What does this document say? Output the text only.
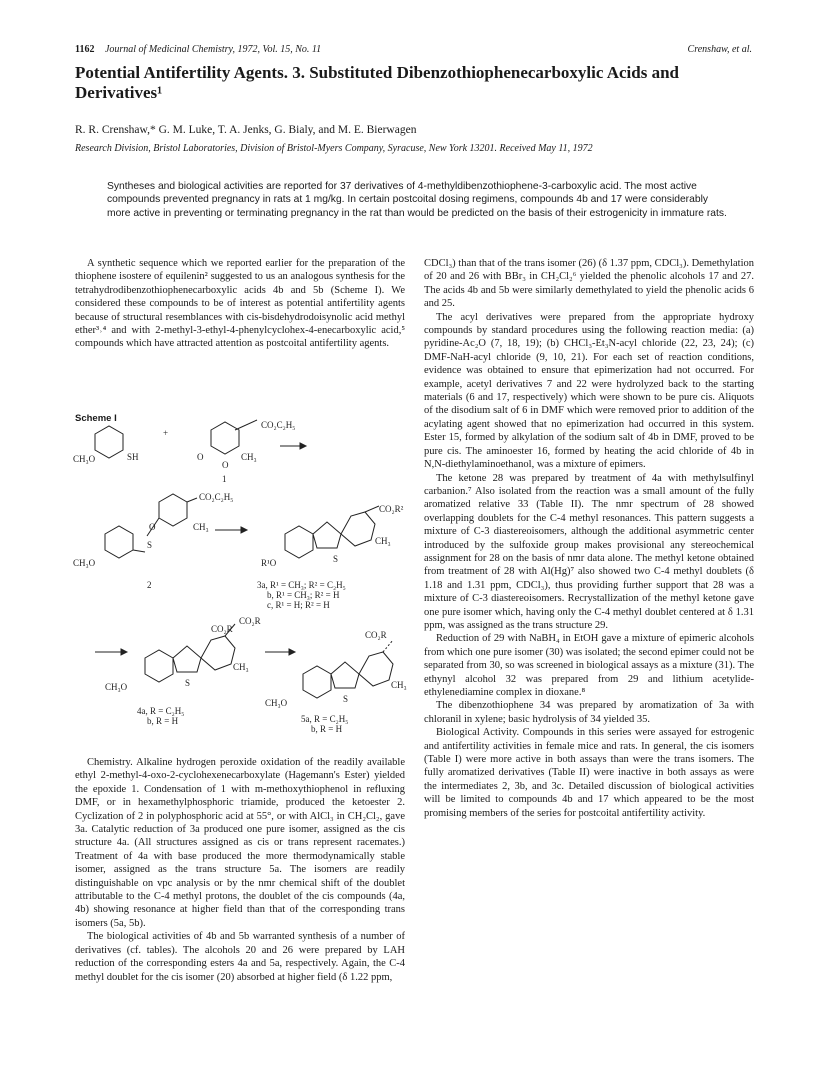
1162 Journal of Medicinal Chemistry, 1972, Vol. 15, No. 11	Crenshaw, et al.
Potential Antifertility Agents. 3. Substituted Dibenzothiophenecarboxylic Acids and Derivatives¹
R. R. Crenshaw,* G. M. Luke, T. A. Jenks, G. Bialy, and M. E. Bierwagen
Research Division, Bristol Laboratories, Division of Bristol-Myers Company, Syracuse, New York 13201. Received May 11, 1972
Syntheses and biological activities are reported for 37 derivatives of 4-methyldibenzothiophene-3-carboxylic acid. The most active compounds prevented pregnancy in rats at 1 mg/kg. In certain postcoital dosing regimens, compounds 4b and 17 were considerably more active in preventing or terminating pregnancy in the rat than would be predicted on the basis of their estrogenicity in immature rats.

A synthetic sequence which we reported earlier for the preparation of the thiophene isostere of equilenin² suggested to us an analogous synthesis for the tetrahydrodibenzothiophenecarboxylic acids 4b and 5b (Scheme I). We considered these compounds to be of interest as potential antifertility agents because of structural resemblances with cis-bisdehydrodoisynolic acid methyl ether³˒⁴ and with 2-methyl-3-ethyl-4-phenylcyclohex-4-enecarboxylic acid,⁵ compounds which have attracted attention as postcoital antifertility agents.

Scheme I
CO₂C₂H₅
+
CH₃O	SH	O	CH₃
O
1
CO₂C₂H₅
O	CH₃
S
CH₃O
2
CO₂R²
CH₃
S
R¹O
3a, R¹ = CH₃; R² = C₂H₅
b, R¹ = CH₃; R² = H
c, R¹ = H; R² = H
CO₂R
CO₂R
CH₃
S
CH₃O
4a, R = C₂H₅
b, R = H
CO₂R
CH₃
S
CH₃O
5a, R = C₂H₅
b, R = H

Chemistry. Alkaline hydrogen peroxide oxidation of the readily available ethyl 2-methyl-4-oxo-2-cyclohexenecarboxylate (Hagemann's Ester) yielded the epoxide 1. Condensation of 1 with m-methoxythiophenol in refluxing DMF, or in hexamethylphosphoric triamide, produced the ketoester 2. Cyclization of 2 in polyphosphoric acid at 55°, or with AlCl₃ in CH₂Cl₂, gave 3a. Catalytic reduction of 3a produced one pure isomer, assigned as the cis structure 4a. (All structures assigned as cis or trans represent racemates.) Treatment of 4a with base produced the more thermodynamically stable isomer, assigned as the trans structure 5a. The isomers are readily distinguishable on vpc analysis or by the nmr chemical shift of the doublet attributable to the C-4 methyl protons, the doublet of the cis compounds (4a, 4b) showing resonance at higher field than that of the corresponding trans isomers (5a, 5b).

The biological activities of 4b and 5b warranted synthesis of a number of derivatives (cf. tables). The alcohols 20 and 26 were prepared by LAH reduction of the corresponding esters 4a and 5a, respectively. Again, the C-4 methyl doublet for the cis isomer (20) absorbed at higher field (δ 1.22 ppm,

CDCl₃) than that of the trans isomer (26) (δ 1.37 ppm, CDCl₃). Demethylation of 20 and 26 with BBr₃ in CH₂Cl₂⁶ yielded the phenolic alcohols 17 and 27. The acids 4b and 5b were similarly demethylated to yield the phenolic acids 6 and 25.

The acyl derivatives were prepared from the appropriate hydroxy compounds by standard procedures using the following reaction media: (a) pyridine-Ac₂O (7, 18, 19); (b) CHCl₃-Et₃N-acyl chloride (22, 23, 24); (c) DMF-NaH-acyl chloride (9, 10, 21). For each set of reaction conditions, evidence was obtained to ensure that epimerization had not occurred. For example, acetyl derivatives 7 and 22 were hydrolyzed back to the starting materials (6 and 17, respectively) which were shown to be pure cis. Aliquots of the disodium salt of 6 in DMF which were removed prior to addition of the acylating agent showed that no epimerization had occurred in this system. Ester 15, formed by alkylation of the sodium salt of 4b in DMF, proved to be pure cis. The aminoester 16, formed by heating the acid chloride of 4b in N,N-diethylaminoethanol, was a mixture of epimers.

The ketone 28 was prepared by treatment of 4a with methylsulfinyl carbanion.⁷ Also isolated from the reaction was a small amount of the fully aromatized relative 33 (Table II). The nmr spectrum of 28 showed overlapping doublets for the C-4 methyl resonances. This pattern suggests a mixture of C-3 diastereoisomers, although the additional asymmetric center introduced by the sulfoxide group makes provisional any stereochemical assignment for 28 on the basis of nmr data alone. The methyl ketone obtained from treatment of 28 with Al(Hg)⁷ also showed two C-4 methyl doublets (δ 1.18 and 1.31 ppm, CDCl₃), thus providing further support that 28 was a mixture of C-3 diastereoisomers. Recrystallization of the methyl ketone gave one pure isomer which, having only the C-4 methyl doublet centered at δ 1.31 ppm, was assigned as the trans structure 29.

Reduction of 29 with NaBH₄ in EtOH gave a mixture of epimeric alcohols from which one pure isomer (30) was isolated; the second epimer could not be separated from 30, so was screened in biological assays as a mixture (31). The ethynyl alcohol 32 was prepared from 29 and lithium acetylide-ethylenediamine complex in dioxane.⁸

The dibenzothiophene 34 was prepared by aromatization of 3a with chloranil in xylene; basic hydrolysis of 34 yielded 35.

Biological Activity. Compounds in this series were assayed for estrogenic and antifertility activities in female mice and rats. In general, the cis isomers (Table I) were more active in both assays than were the trans isomers. The fully aromatized derivatives (Table II) were inactive in both assays as were the intermediates 2, 3b, and 3c. Detailed discussion of biological activities will be limited to compounds 4b and 17 which appeared to be the most promising members of the series for postcoital antifertility activity.
